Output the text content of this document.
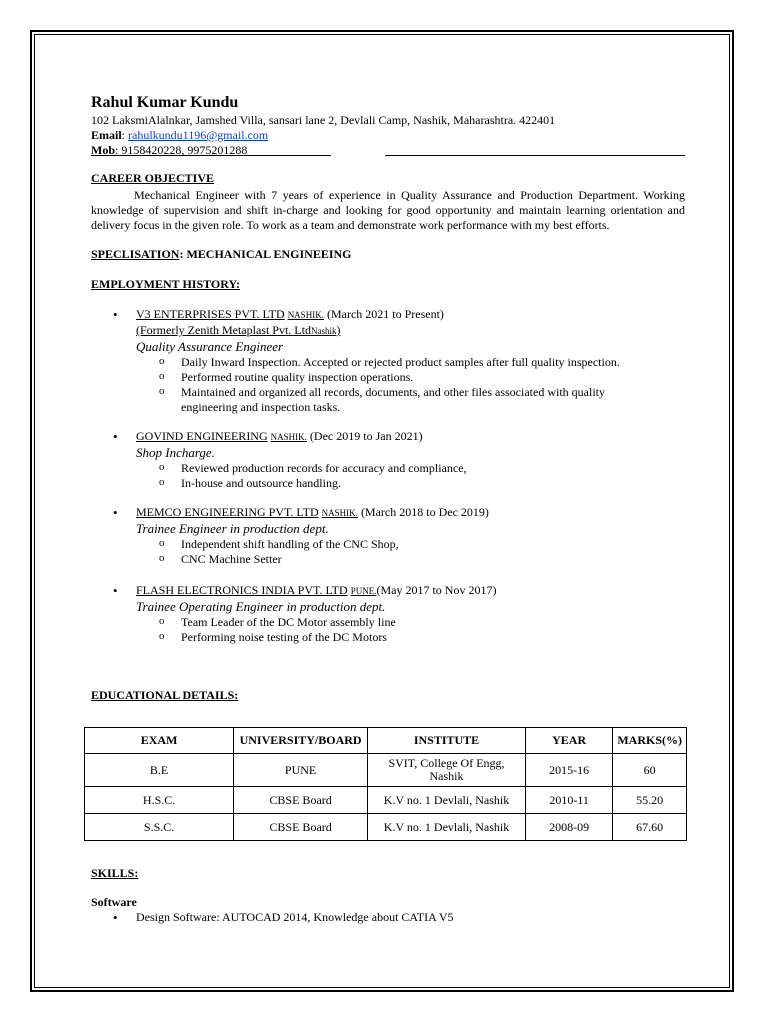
Rahul Kumar Kundu
102 LaksmiAlalnkar, Jamshed Villa, sansari lane 2, Devlali Camp, Nashik, Maharashtra. 422401
Email: rahulkundu1196@gmail.com
Mob: 9158420228, 9975201288
CAREER OBJECTIVE
Mechanical Engineer with 7 years of experience in Quality Assurance and Production Department. Working knowledge of supervision and shift in-charge and looking for good opportunity and maintain learning orientation and delivery focus in the given role. To work as a team and demonstrate work performance with my best efforts.
SPECLISATION: MECHANICAL ENGINEEING
EMPLOYMENT HISTORY:
• V3 ENTERPRISES PVT. LTD NASHIK. (March 2021 to Present)
(Formerly Zenith Metaplast Pvt. LtdNashik)
Quality Assurance Engineer
o Daily Inward Inspection. Accepted or rejected product samples after full quality inspection.
o Performed routine quality inspection operations.
o Maintained and organized all records, documents, and other files associated with quality
engineering and inspection tasks.
• GOVIND ENGINEERING NASHIK. (Dec 2019 to Jan 2021)
Shop Incharge.
o Reviewed production records for accuracy and compliance,
o In-house and outsource handling.
• MEMCO ENGINEERING PVT. LTD NASHIK. (March 2018 to Dec 2019)
Trainee Engineer in production dept.
o Independent shift handling of the CNC Shop,
o CNC Machine Setter
• FLASH ELECTRONICS INDIA PVT. LTD PUNE.(May 2017 to Nov 2017)
Trainee Operating Engineer in production dept.
o Team Leader of the DC Motor assembly line
o Performing noise testing of the DC Motors
EDUCATIONAL DETAILS:
EXAM	UNIVERSITY/BOARD	INSTITUTE	YEAR	MARKS(%)
B.E	PUNE	SVIT, College Of Engg, Nashik	2015-16	60
H.S.C.	CBSE Board	K.V no. 1 Devlali, Nashik	2010-11	55.20
S.S.C.	CBSE Board	K.V no. 1 Devlali, Nashik	2008-09	67.60
SKILLS:
Software
• Design Software: AUTOCAD 2014, Knowledge about CATIA V5
